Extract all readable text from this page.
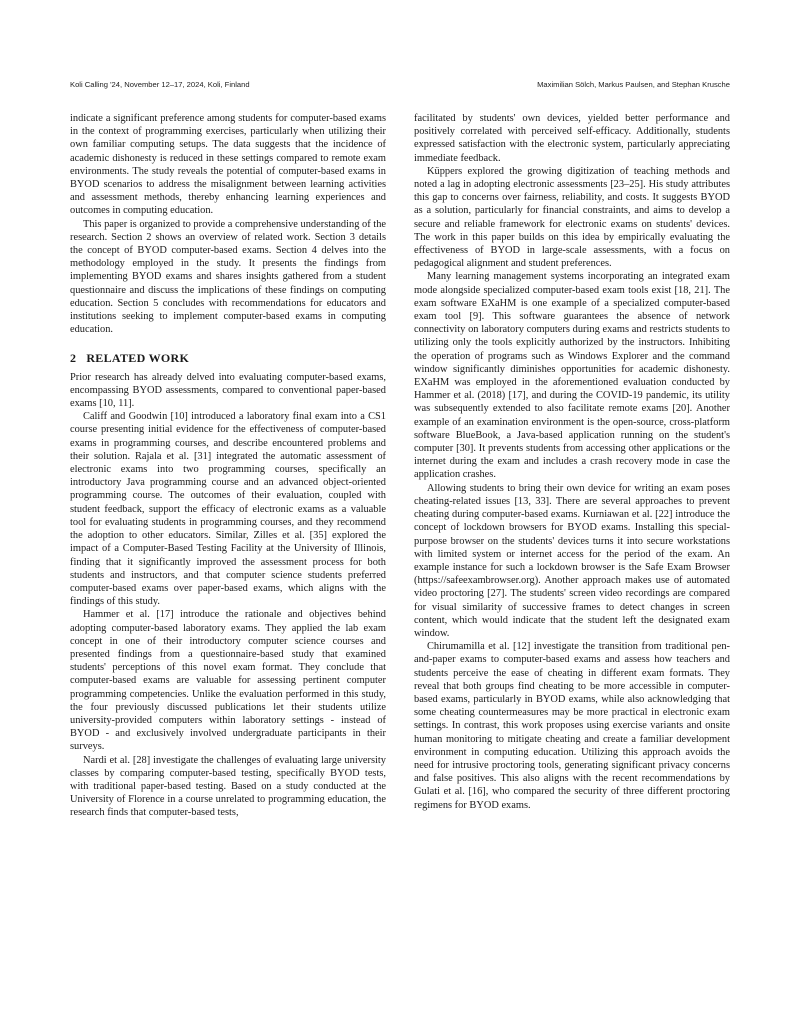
Koli Calling '24, November 12–17, 2024, Koli, Finland	Maximilian Sölch, Markus Paulsen, and Stephan Krusche

indicate a significant preference among students for computer-based exams in the context of programming exercises, particularly when utilizing their own familiar computing setups. The data suggests that the incidence of academic dishonesty is reduced in these settings compared to remote exam environments. The study reveals the potential of computer-based exams in BYOD scenarios to address the misalignment between learning activities and assessment methods, thereby enhancing learning experiences and outcomes in computing education.

This paper is organized to provide a comprehensive understanding of the research. Section 2 shows an overview of related work. Section 3 details the concept of BYOD computer-based exams. Section 4 delves into the methodology employed in the study. It presents the findings from implementing BYOD exams and shares insights gathered from a student questionnaire and discuss the implications of these findings on computing education. Section 5 concludes with recommendations for educators and institutions seeking to implement computer-based exams in computing education.

2 RELATED WORK

Prior research has already delved into evaluating computer-based exams, encompassing BYOD assessments, compared to conventional paper-based exams [10, 11].

Califf and Goodwin [10] introduced a laboratory final exam into a CS1 course presenting initial evidence for the effectiveness of computer-based exams in programming courses, and describe encountered problems and their solution. Rajala et al. [31] integrated the automatic assessment of electronic exams into two programming courses, specifically an introductory Java programming course and an advanced object-oriented programming course. The outcomes of their evaluation, coupled with student feedback, support the efficacy of electronic exams as a valuable tool for evaluating students in programming courses, and they recommend the adoption to other educators. Similar, Zilles et al. [35] explored the impact of a Computer-Based Testing Facility at the University of Illinois, finding that it significantly improved the assessment process for both students and instructors, and that computer science students preferred computer-based exams over paper-based exams, which aligns with the findings of this study.

Hammer et al. [17] introduce the rationale and objectives behind adopting computer-based laboratory exams. They applied the lab exam concept in one of their introductory computer science courses and presented findings from a questionnaire-based study that examined students' perceptions of this novel exam format. They conclude that computer-based exams are valuable for assessing pertinent computer programming competencies. Unlike the evaluation performed in this study, the four previously discussed publications let their students utilize university-provided computers within laboratory settings - instead of BYOD - and exclusively involved undergraduate participants in their surveys.

Nardi et al. [28] investigate the challenges of evaluating large university classes by comparing computer-based testing, specifically BYOD tests, with traditional paper-based testing. Based on a study conducted at the University of Florence in a course unrelated to programming education, the research finds that computer-based tests,

facilitated by students' own devices, yielded better performance and positively correlated with perceived self-efficacy. Additionally, students expressed satisfaction with the electronic system, particularly appreciating immediate feedback.

Küppers explored the growing digitization of teaching methods and noted a lag in adopting electronic assessments [23–25]. His study attributes this gap to concerns over fairness, reliability, and costs. It suggests BYOD as a solution, particularly for financial constraints, and aims to develop a secure and reliable framework for electronic exams on students' devices. The work in this paper builds on this idea by empirically evaluating the effectiveness of BYOD in large-scale assessments, with a focus on pedagogical alignment and student preferences.

Many learning management systems incorporating an integrated exam mode alongside specialized computer-based exam tools exist [18, 21]. The exam software EXaHM is one example of a specialized computer-based exam tool [9]. This software guarantees the absence of network connectivity on laboratory computers during exams and restricts students to utilizing only the tools explicitly authorized by the instructors. Inhibiting the operation of programs such as Windows Explorer and the command window significantly diminishes opportunities for academic dishonesty. EXaHM was employed in the aforementioned evaluation conducted by Hammer et al. (2018) [17], and during the COVID-19 pandemic, its utility was subsequently extended to also facilitate remote exams [20]. Another example of an examination environment is the open-source, cross-platform software BlueBook, a Java-based application running on the student's computer [30]. It prevents students from accessing other applications or the internet during the exam and includes a crash recovery mode in case the application crashes.

Allowing students to bring their own device for writing an exam poses cheating-related issues [13, 33]. There are several approaches to prevent cheating during computer-based exams. Kurniawan et al. [22] introduce the concept of lockdown browsers for BYOD exams. Installing this special-purpose browser on the students' devices turns it into secure workstations with limited system or internet access for the period of the exam. An example instance for such a lockdown browser is the Safe Exam Browser (https://safeexambrowser.org). Another approach makes use of automated video proctoring [27]. The students' screen video recordings are compared for visual similarity of successive frames to detect changes in screen content, which would indicate that the student left the designated exam window.

Chirumamilla et al. [12] investigate the transition from traditional pen-and-paper exams to computer-based exams and assess how teachers and students perceive the ease of cheating in different exam formats. They reveal that both groups find cheating to be more accessible in computer-based exams, particularly in BYOD exams, while also acknowledging that some cheating countermeasures may be more practical in electronic exam settings. In contrast, this work proposes using exercise variants and onsite human monitoring to mitigate cheating and create a familiar development environment in computing education. Utilizing this approach avoids the need for intrusive proctoring tools, generating significant privacy concerns and false positives. This also aligns with the recent recommendations by Gulati et al. [16], who compared the security of three different proctoring regimens for BYOD exams.
